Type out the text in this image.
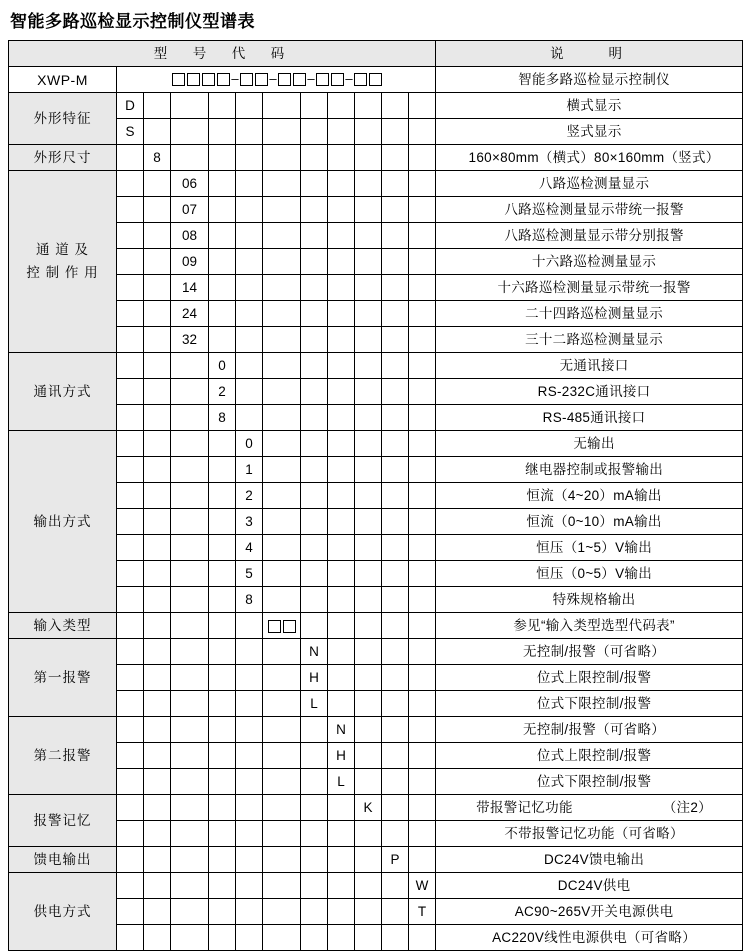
智能多路巡检显示控制仪型谱表
型　号　代　码												说　　明
XWP-M	– – – –											智能多路巡检显示控制仪
外形特征	D											横式显示
	S											竖式显示
外形尺寸		8										160×80mm（横式）80×160mm（竖式）

通 道 及
控 制 作 用			06									八路巡检测量显示
			07									八路巡检测量显示带统一报警
			08									八路巡检测量显示带分别报警
			09									十六路巡检测量显示
			14									十六路巡检测量显示带统一报警
			24									二十四路巡检测量显示
			32									三十二路巡检测量显示
通讯方式				0								无通讯接口
				2								RS-232C通讯接口
				8								RS-485通讯接口
输出方式					0							无输出
					1							继电器控制或报警输出
					2							恒流（4~20）mA输出
					3							恒流（0~10）mA输出
					4							恒压（1~5）V输出
					5							恒压（0~5）V输出
					8							特殊规格输出
输入类型												参见“输入类型选型代码表”
第一报警							N					无控制/报警（可省略）
							H					位式上限控制/报警
							L					位式下限控制/报警
第二报警								N				无控制/报警（可省略）
								H				位式上限控制/报警
								L				位式下限控制/报警
报警记忆									K			带报警记忆功能 （注2）
												不带报警记忆功能（可省略）
馈电输出										P		DC24V馈电输出
供电方式											W	DC24V供电
											T	AC90~265V开关电源供电
												AC220V线性电源供电（可省略）
